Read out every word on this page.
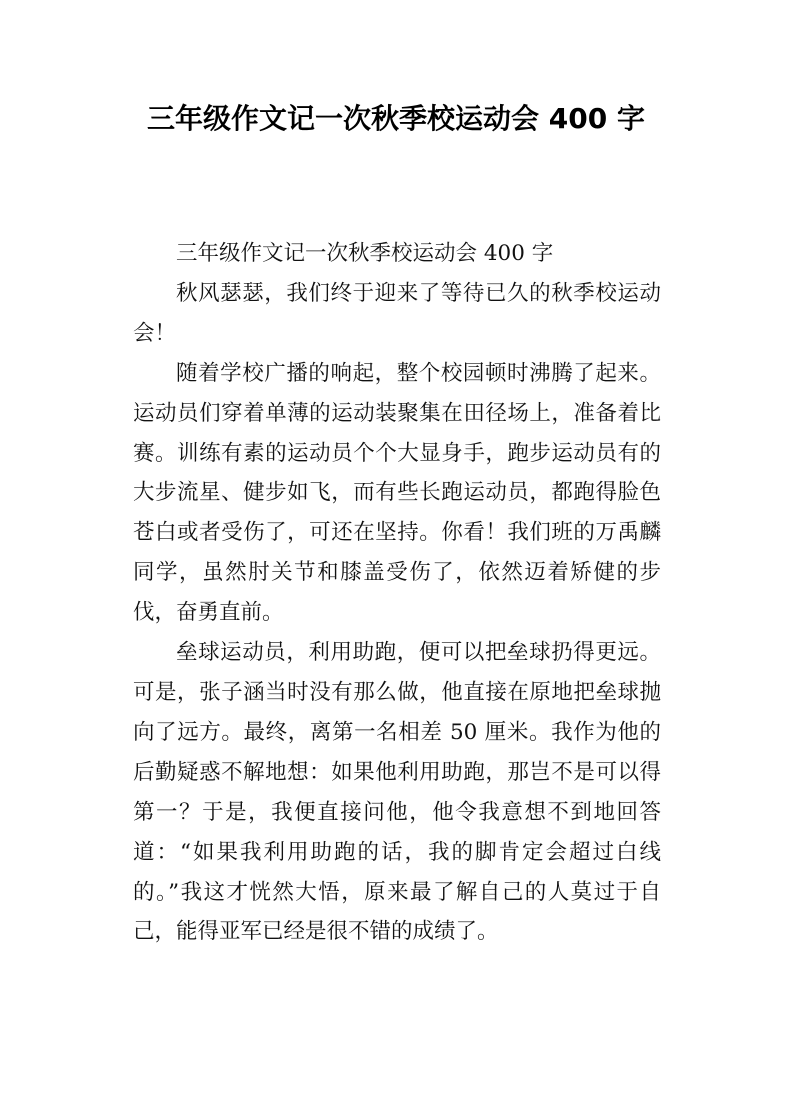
三年级作文记一次秋季校运动会 400 字

三年级作文记一次秋季校运动会 400 字

秋风瑟瑟，我们终于迎来了等待已久的秋季校运动会！

随着学校广播的响起，整个校园顿时沸腾了起来。运动员们穿着单薄的运动装聚集在田径场上，准备着比赛。训练有素的运动员个个大显身手，跑步运动员有的大步流星、健步如飞，而有些长跑运动员，都跑得脸色苍白或者受伤了，可还在坚持。你看！我们班的万禹麟同学，虽然肘关节和膝盖受伤了，依然迈着矫健的步伐，奋勇直前。

垒球运动员，利用助跑，便可以把垒球扔得更远。可是，张子涵当时没有那么做，他直接在原地把垒球抛向了远方。最终，离第一名相差 50 厘米。我作为他的后勤疑惑不解地想：如果他利用助跑，那岂不是可以得第一？于是，我便直接问他，他令我意想不到地回答道：“如果我利用助跑的话，我的脚肯定会超过白线的。”我这才恍然大悟，原来最了解自己的人莫过于自己，能得亚军已经是很不错的成绩了。
